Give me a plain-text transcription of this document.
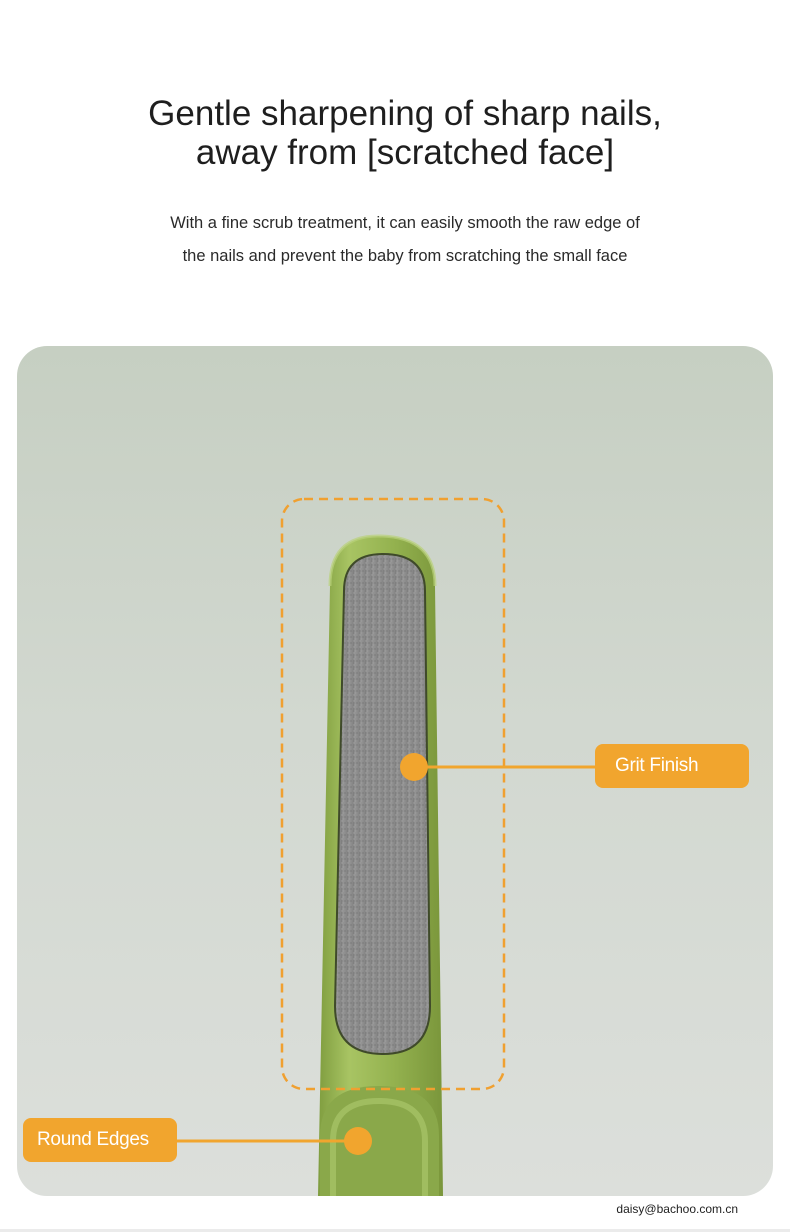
Gentle sharpening of sharp nails,
away from [scratched face]

With a fine scrub treatment, it can easily smooth the raw edge of
the nails and prevent the baby from scratching the small face

Grit Finish
Round Edges
daisy@bachoo.com.cn
